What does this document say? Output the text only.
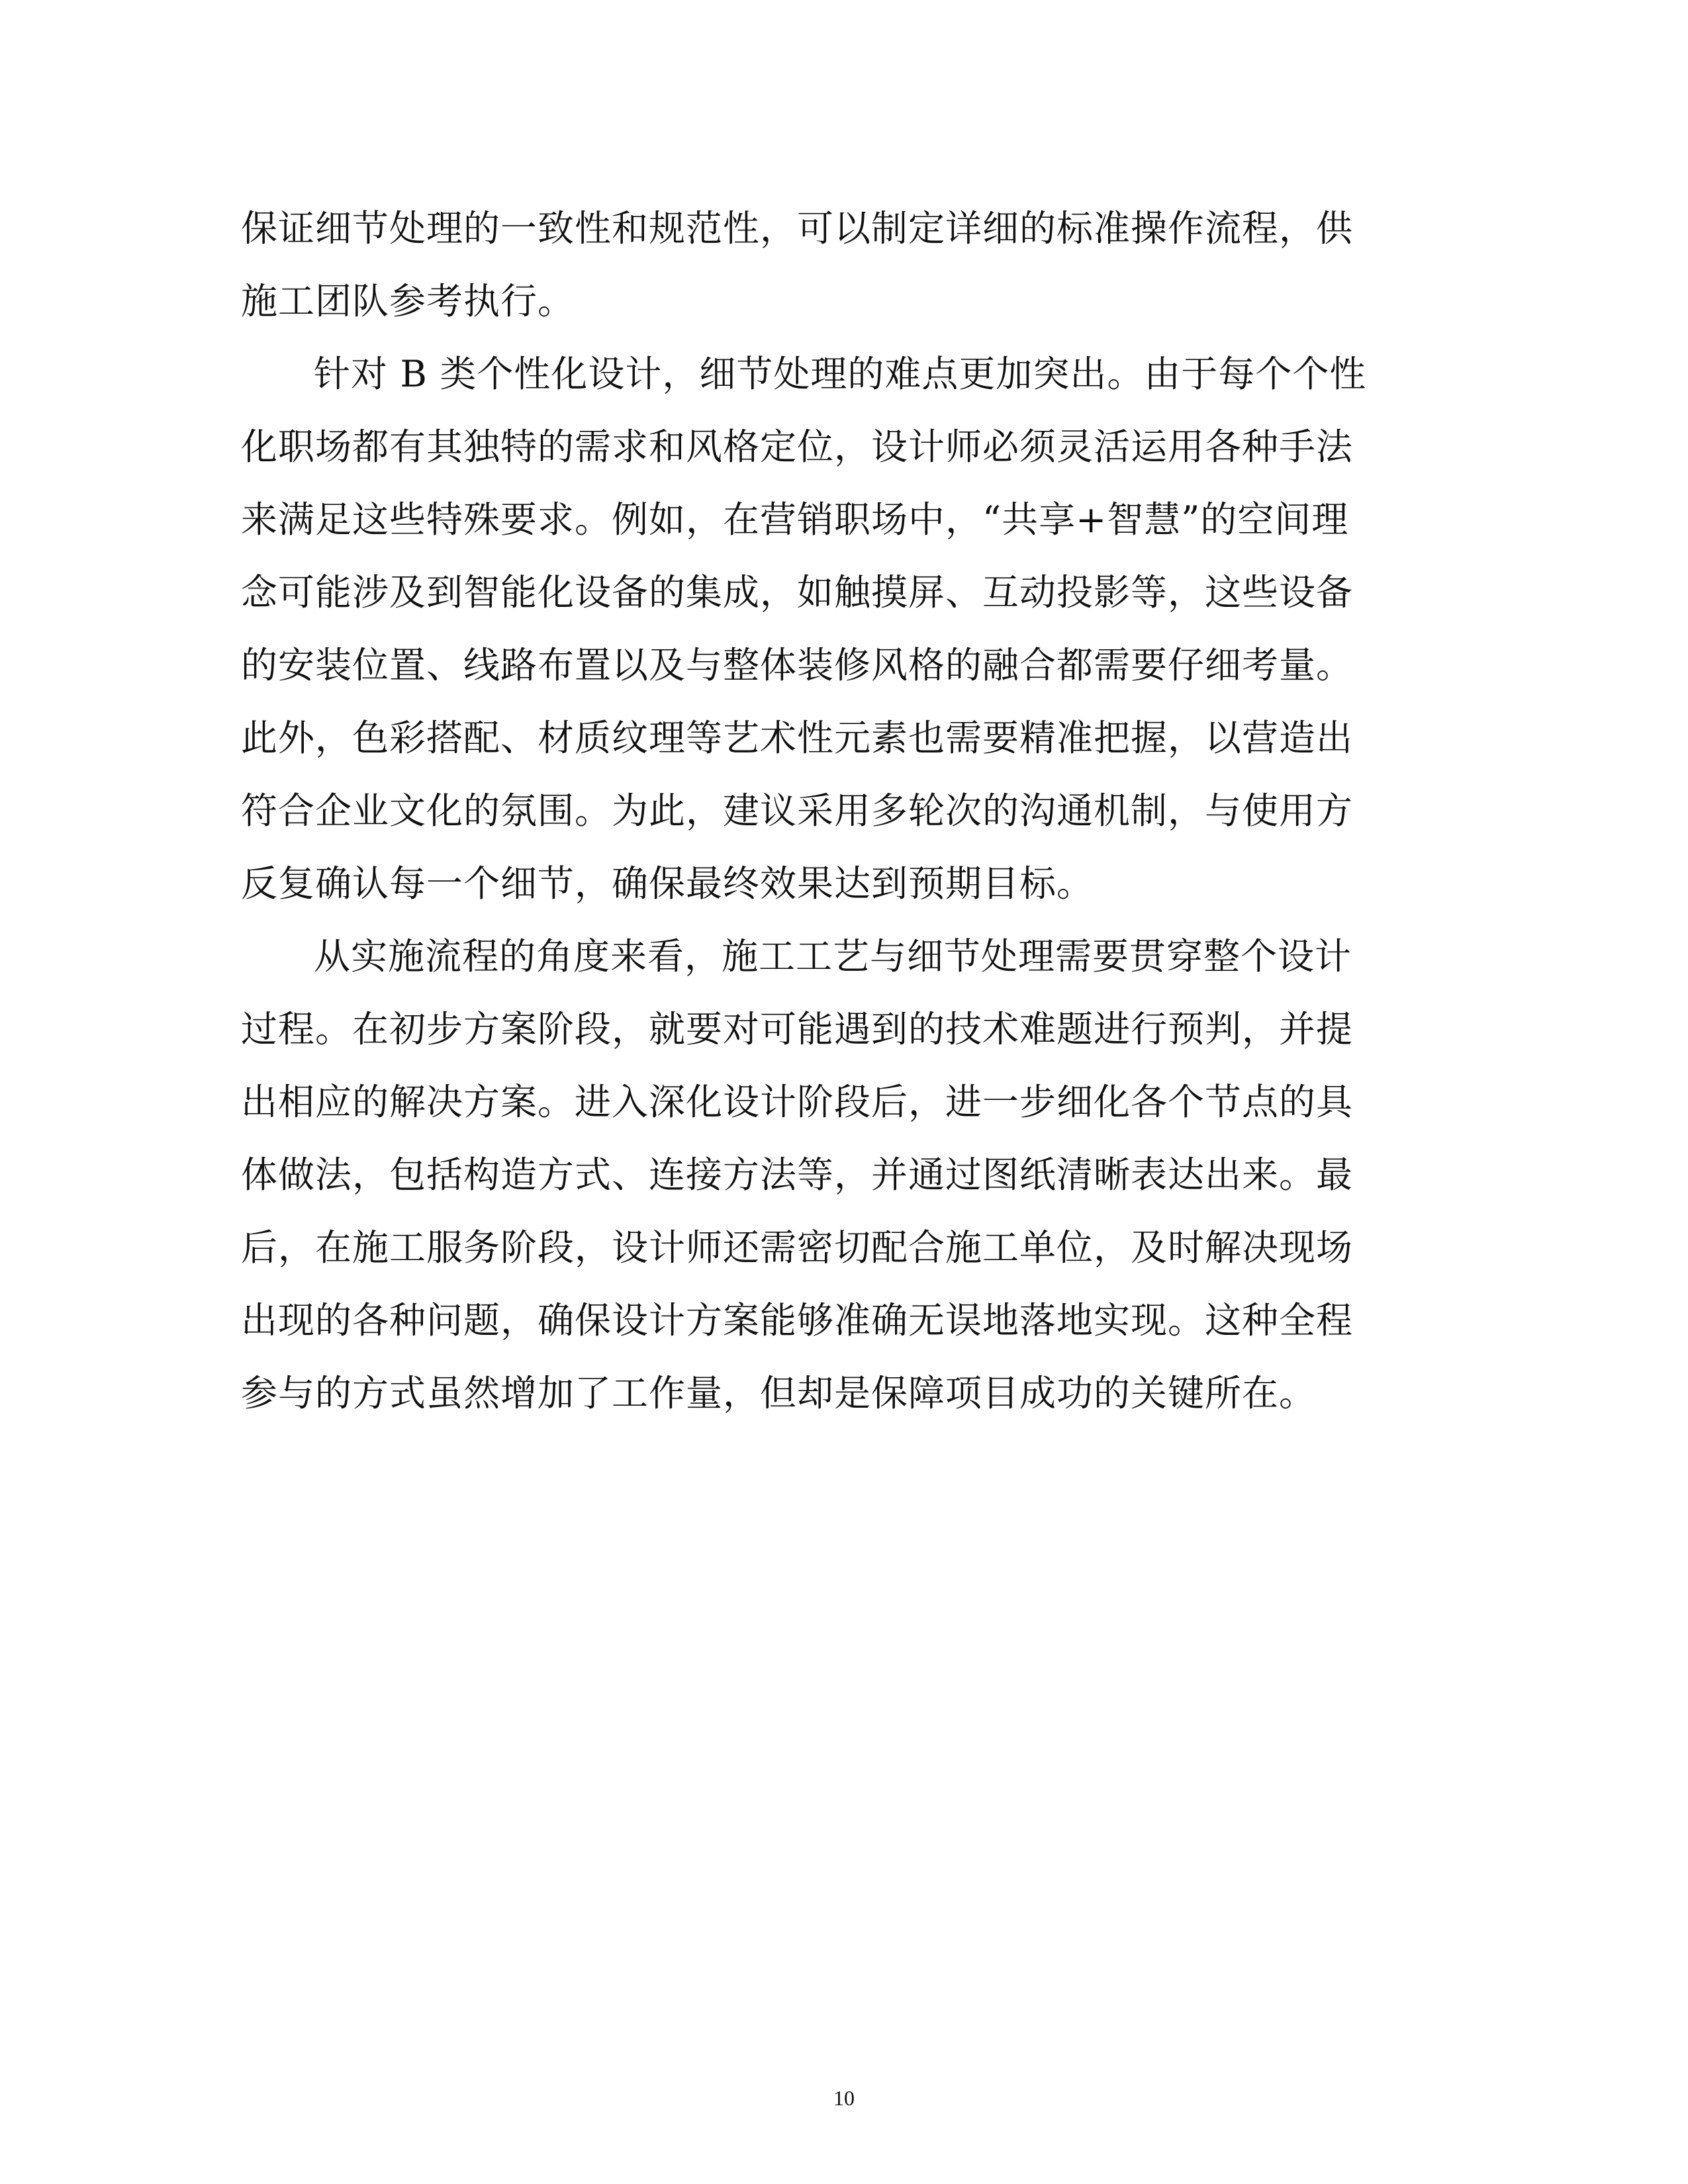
保证细节处理的一致性和规范性，可以制定详细的标准操作流程，供
施工团队参考执行。
针对 B 类个性化设计，细节处理的难点更加突出。由于每个个性
化职场都有其独特的需求和风格定位，设计师必须灵活运用各种手法
来满足这些特殊要求。例如，在营销职场中，“共享+智慧”的空间理
念可能涉及到智能化设备的集成，如触摸屏、互动投影等，这些设备
的安装位置、线路布置以及与整体装修风格的融合都需要仔细考量。
此外，色彩搭配、材质纹理等艺术性元素也需要精准把握，以营造出
符合企业文化的氛围。为此，建议采用多轮次的沟通机制，与使用方
反复确认每一个细节，确保最终效果达到预期目标。
从实施流程的角度来看，施工工艺与细节处理需要贯穿整个设计
过程。在初步方案阶段，就要对可能遇到的技术难题进行预判，并提
出相应的解决方案。进入深化设计阶段后，进一步细化各个节点的具
体做法，包括构造方式、连接方法等，并通过图纸清晰表达出来。最
后，在施工服务阶段，设计师还需密切配合施工单位，及时解决现场
出现的各种问题，确保设计方案能够准确无误地落地实现。这种全程
参与的方式虽然增加了工作量，但却是保障项目成功的关键所在。
10
